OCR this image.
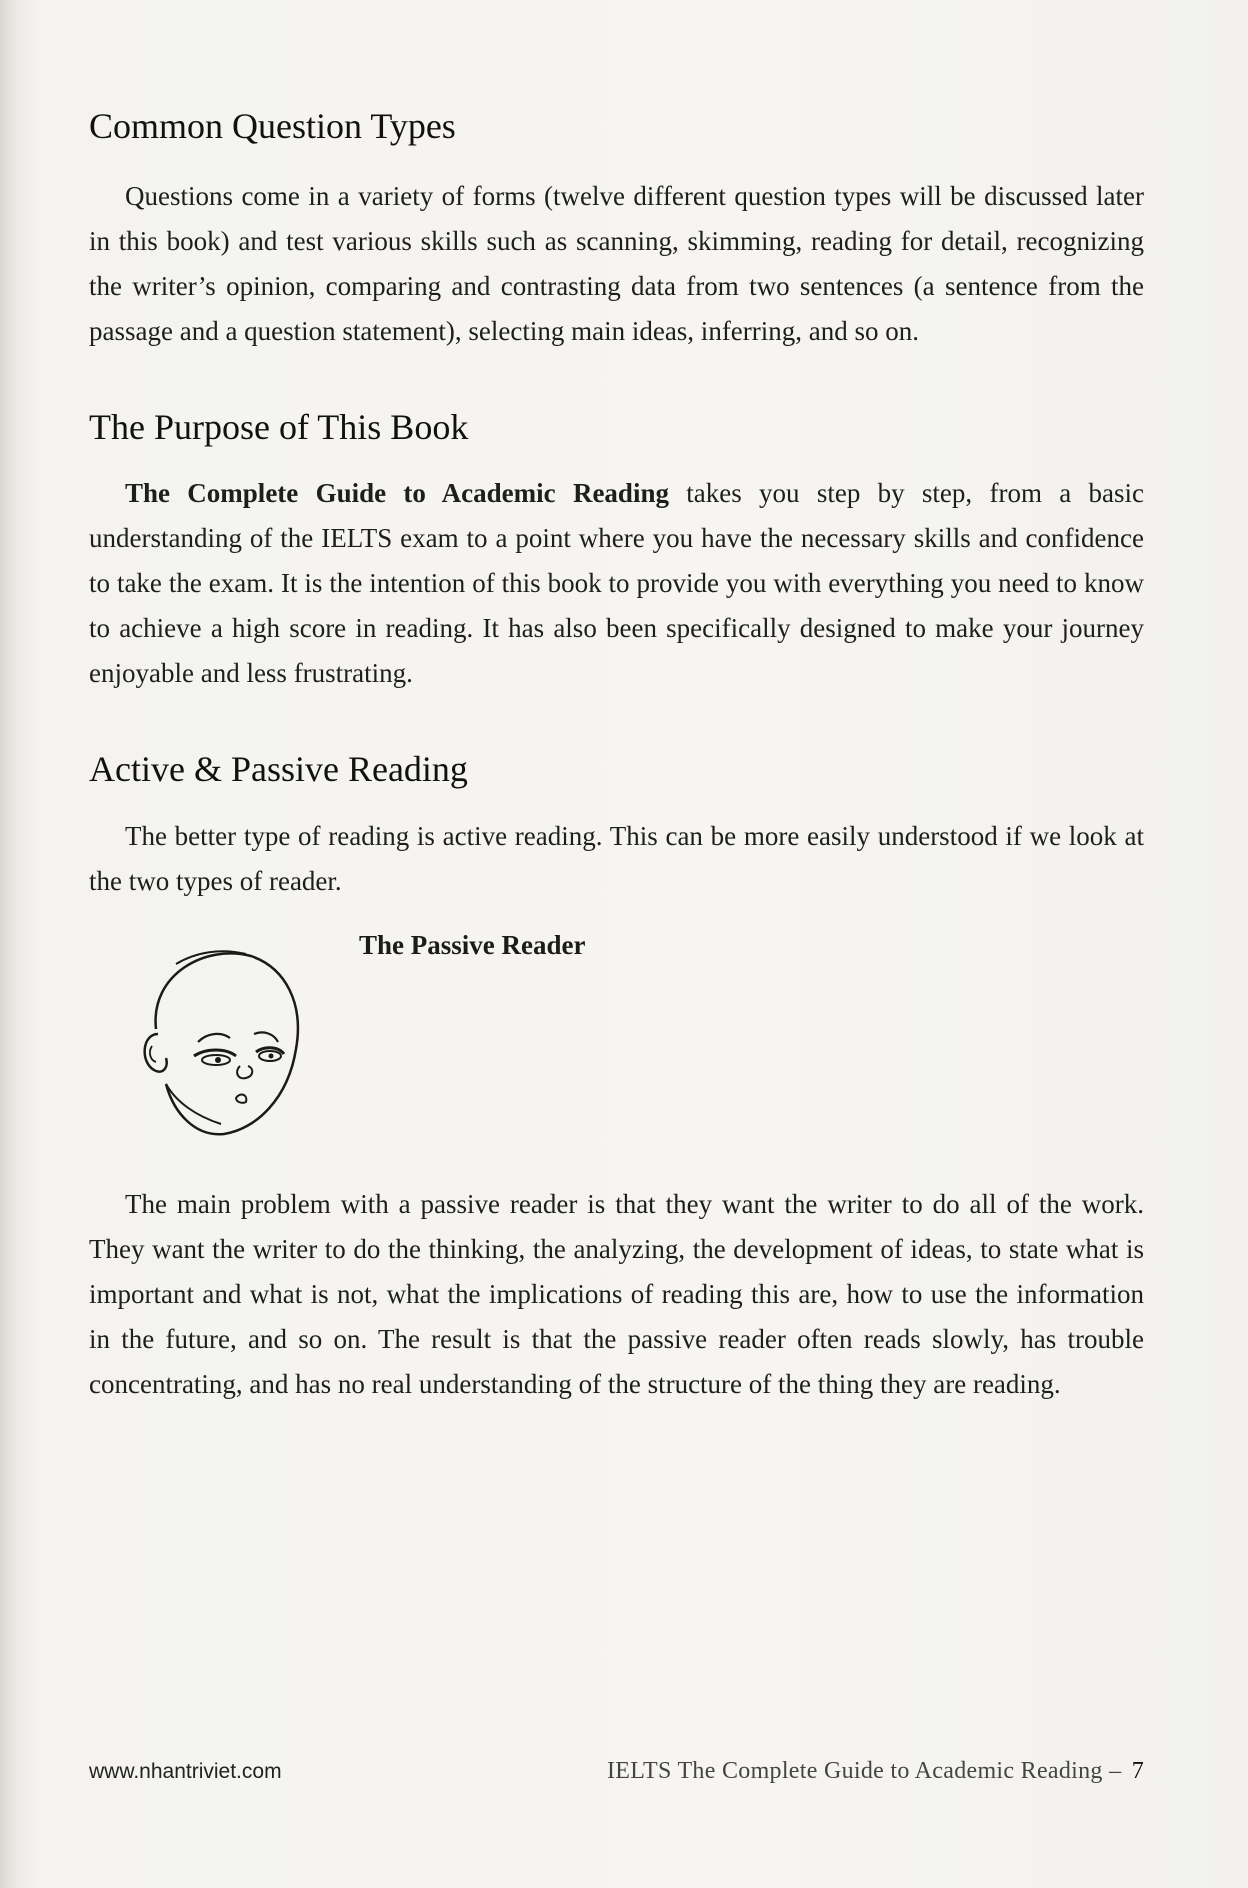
Common Question Types

Questions come in a variety of forms (twelve different question types will be discussed later in this book) and test various skills such as scanning, skimming, reading for detail, recognizing the writer’s opinion, comparing and contrasting data from two sentences (a sentence from the passage and a question statement), selecting main ideas, inferring, and so on.

The Purpose of This Book

The Complete Guide to Academic Reading takes you step by step, from a basic understanding of the IELTS exam to a point where you have the necessary skills and confidence to take the exam. It is the intention of this book to provide you with everything you need to know to achieve a high score in reading. It has also been specifically designed to make your journey enjoyable and less frustrating.

Active & Passive Reading

The better type of reading is active reading. This can be more easily understood if we look at the two types of reader.

The Passive Reader

The main problem with a passive reader is that they want the writer to do all of the work. They want the writer to do the thinking, the analyzing, the development of ideas, to state what is important and what is not, what the implications of reading this are, how to use the information in the future, and so on. The result is that the passive reader often reads slowly, has trouble concentrating, and has no real understanding of the structure of the thing they are reading.

www.nhantriviet.com	IELTS The Complete Guide to Academic Reading – 7
